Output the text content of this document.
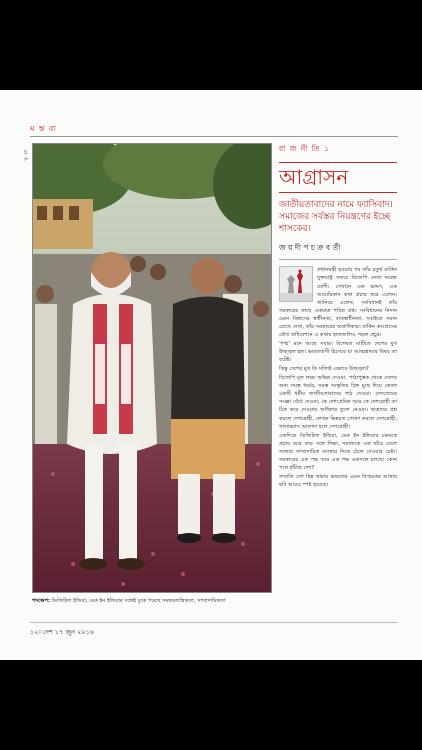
ম ন্ত ব্য
রা. ই.
পদক্ষেপ: ডিজিটাল ইন্ডিয়া, মেক ইন ইন্ডিয়ার সঙ্গেই ঢুকে পড়ছে সমন্বয়তান্ত্রিকতা, সাম্প্রদায়িকতা
১২। দেশ ১৭ জুন ২০১৬
রা জ নী তি ১
আগ্রাসন
জাতীয়তাবাদের নামে ফ্যাসিবাদ। সমাজের সর্বস্তর নিয়ন্ত্রণের ইচ্ছে শাসকের।
জ য় দী প চ ক্র ব র্তী

প্রধানমন্ত্রী হওয়ার পর তাঁর চতুর্থ মার্কিন যুক্তরাষ্ট্র সফরে বিজেপি নেতা নরেন্দ্র মোদী। সেখানে এক ভাষণ, এক আমেরিকান কথা প্রচার করে এলেন। জানিয়ে এলেন, সংবিধানই তাঁর সরকারের কাছে একমাত্র পবিত্র গ্রন্থ। সংবিধানের নিদান মেনে বিশ্বাসের স্বাধীনতা, বাকস্বাধীনতা, সবাইকে সমান চোখে দেখা, তাঁর সরকারের অগ্রাধিকার। মার্কিন কংগ্রেসের যৌথ অধিবেশনে এ কথায় হাততালিও পড়ল প্রচুর।

‘শঙ্খ’ মনে আছে সবার। বিশেষত মাটিতে দেশের মুখ উজ্জ্বল হল। ভারতবাসী হিসেবে যা আত্মশ্লাঘার বিষয় তা বটেই।

কিন্তু দেশের মুখ কি সত্যিই এভাবে উজ্জ্বল?

বিজেপি মূল লক্ষ্য অভিন্ন দেওয়া, পাঠ্যপুস্তক থেকে দেশের অন্য সমস্ত ধর্মের, সমস্ত সংস্কৃতির চিহ্ন মুছে দিয়ে কেবল একটি ধর্মীয় জাতীয়তাবাদের পাঠ দেওয়া। দেশপ্রেমের সংজ্ঞা বেঁধে দেওয়া, কে দেশপ্রেমিক আর কে দেশদ্রোহী তা ঠিক করে দেওয়ার অধিকার তুলে নেওয়া। ছাত্রদের প্রশ্ন করলে দেশদ্রোহী, লেখক ভিন্নমত পোষণ করলে দেশদ্রোহী, খাদ্যাভ্যাস আলাদা হলে দেশদ্রোহী।

একদিকে ডিজিটাল ইন্ডিয়া, মেক ইন ইন্ডিয়ার চকমকে প্রচার আর তার সঙ্গে শিক্ষা, সমাজকে এক ছাঁচে ঢেলে সাজার সাম্প্রদায়িক ব্যবস্থার দিকে ঠেলে দেওয়ার চেষ্টা। সরকারের এক পক্ষ আর এক পক্ষ একসঙ্গে চলছে। কোন পথে হাঁটছে দেশ?

সম্প্রতি দেশ ছিন্ন থামায় ভারতের এমন বিস্ময়কর আস্থার ছবি আরও স্পষ্ট হয়েছে।
